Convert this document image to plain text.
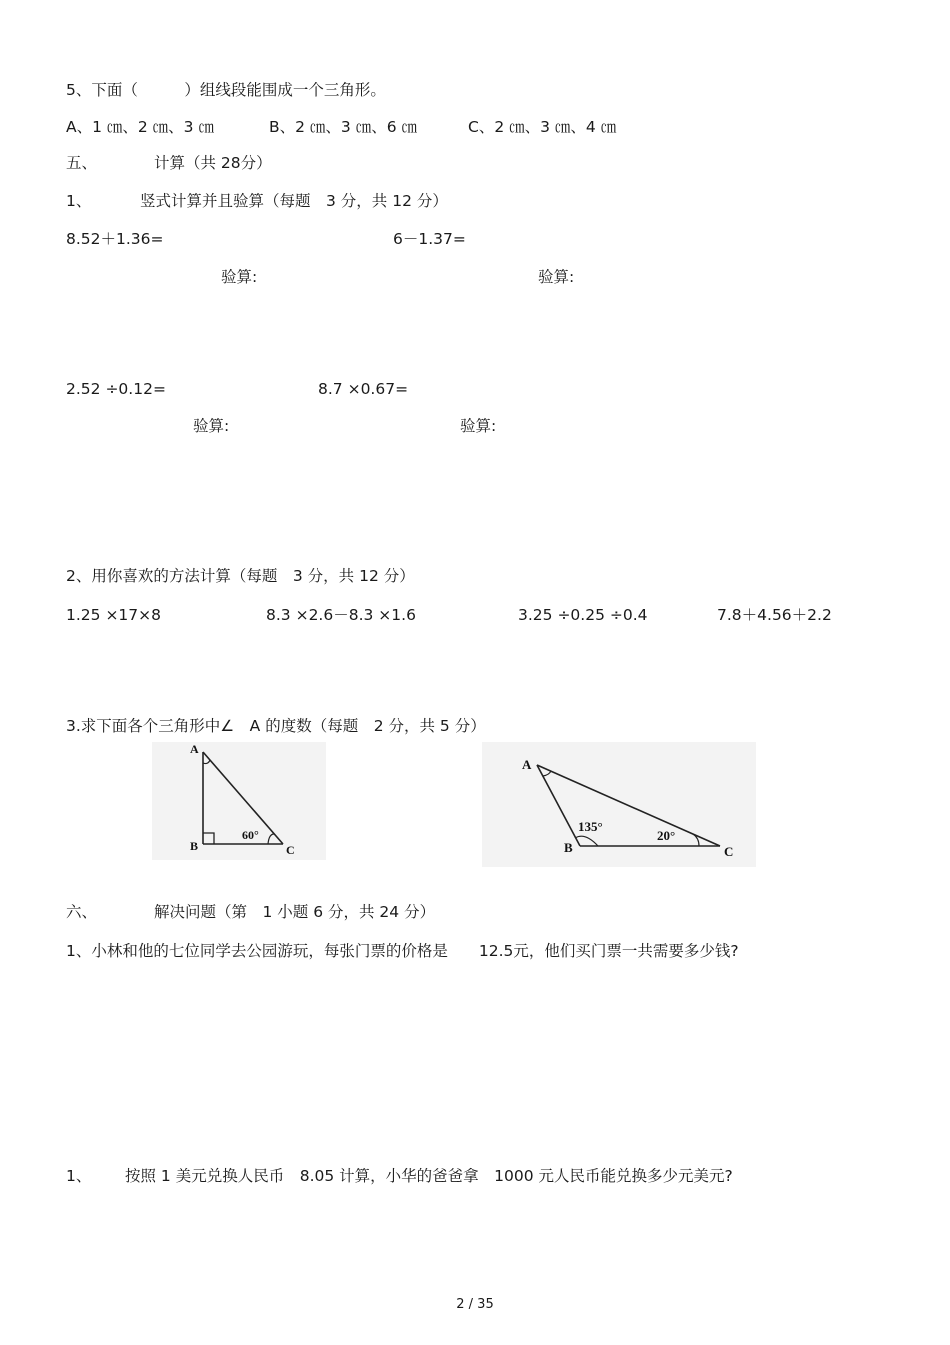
5、下面（　　　）组线段能围成一个三角形。
A、1 ㎝、2 ㎝、3 ㎝	B、2 ㎝、3 ㎝、6 ㎝	C、2 ㎝、3 ㎝、4 ㎝
五、	计算（共 28分）
1、	竖式计算并且验算（每题　3 分，共 12 分）
8.52＋1.36=	6－1.37=
验算:	验算:
2.52 ÷0.12=	8.7 ×0.67=
验算:	验算:
2、用你喜欢的方法计算（每题　3 分，共 12 分）
1.25 ×17×8	8.3 ×2.6－8.3 ×1.6	3.25 ÷0.25 ÷0.4	7.8＋4.56＋2.2
3.求下面各个三角形中∠　A 的度数（每题　2 分，共 5 分）
A
B	C
60°
A
B	C
135°
20°
六、	解决问题（第　1 小题 6 分，共 24 分）
1、小林和他的七位同学去公园游玩，每张门票的价格是　　12.5元，他们买门票一共需要多少钱?
1、 按照 1 美元兑换人民币　8.05 计算，小华的爸爸拿　1000 元人民币能兑换多少元美元?
2 / 35
